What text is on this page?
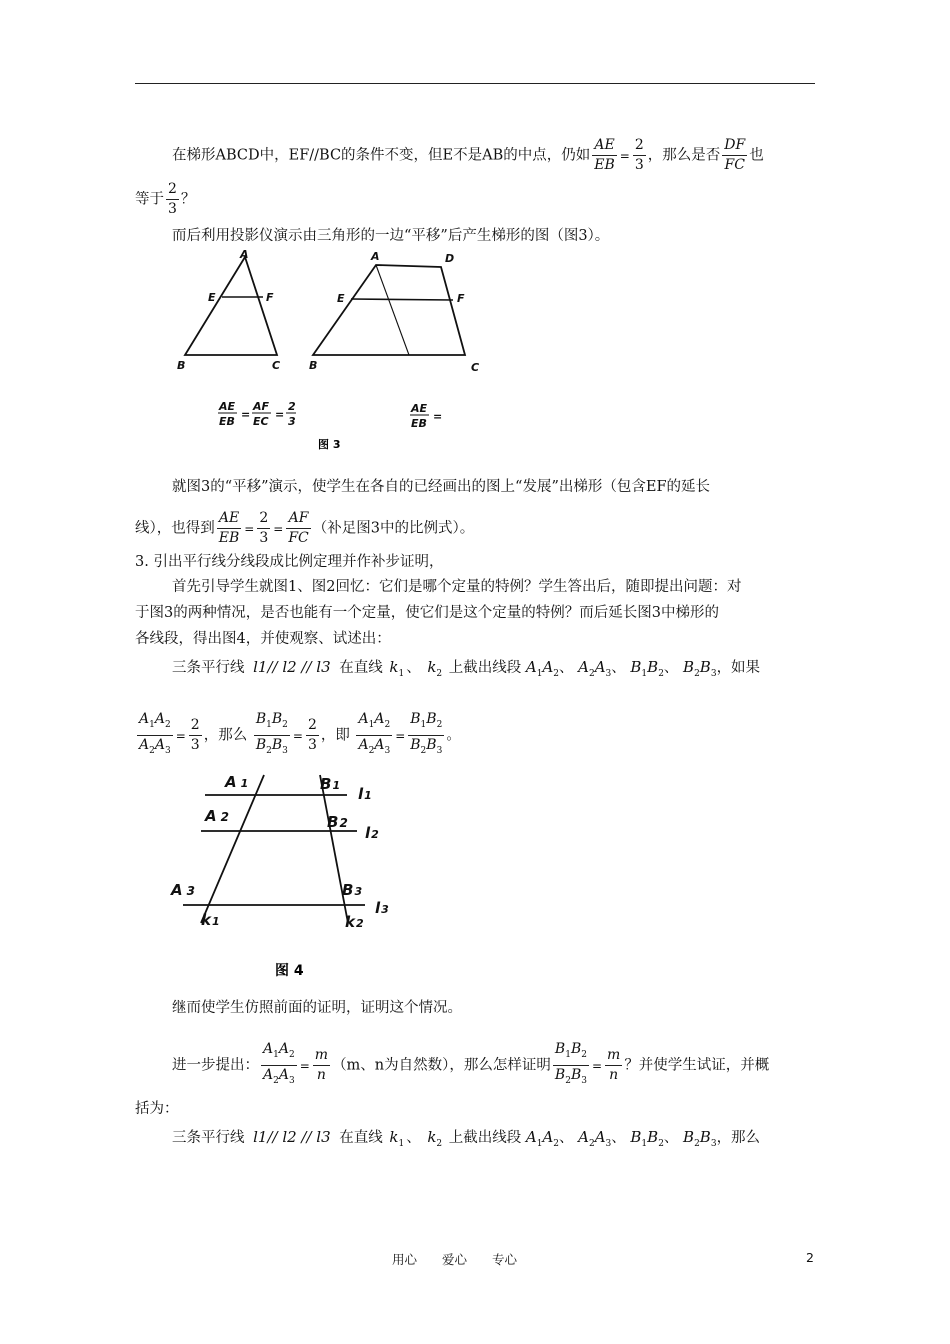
在梯形ABCD中，EF//BC的条件不变，但E不是AB的中点，仍如 $\frac{AE}{EB} = \frac{2}{3}$ ，那么是否 $\frac{DF}{FC}$ 也
等于 $\frac{2}{3}$ ？
而后利用投影仪演示由三角形的一边“平移”后产生梯形的图（图3）。
A
E	F
B	C
A	D
E	F
B	C
AE
EB
=
AF
EC
=
2
3
AE
EB
=
图 3
就图3的“平移”演示，使学生在各自的已经画出的图上“发展”出梯形（包含EF的延长
线），也得到 $\frac{AE}{EB} = \frac{2}{3} = \frac{AF}{FC}$ （补足图3中的比例式）。
3. 引出平行线分线段成比例定理并作补步证明，
首先引导学生就图1、图2回忆：它们是哪个定量的特例？学生答出后，随即提出问题：对
于图3的两种情况，是否也能有一个定量，使它们是这个定量的特例？而后延长图3中梯形的
各线段，得出图4，并使观察、试述出：
三条平行线 l1// l2 // l3 在直线 $k_1$ 、 $k_2$ 上截出线段 $A_1A_2$、 $A_2A_3$、 $B_1B_2$、 $B_2B_3$，如果
$\frac{A_1A_2}{A_2A_3} = \frac{2}{3}$ ，那么 $\frac{B_1B_2}{B_2B_3} = \frac{2}{3}$ ，即 $\frac{A_1A_2}{A_2A_3} = \frac{B_1B_2}{B_2B_3}$ 。
A 1
A 2
A 3
B1
B2
B3
l1
l2
l3
k1	k2
图 4
继而使学生仿照前面的证明，证明这个情况。
进一步提出： $\frac{A_1A_2}{A_2A_3} = \frac{m}{n} (m$、n为自然数），那么怎样证明 $\frac{B_1B_2}{B_2B_3} = \frac{m}{n}$ ？并使学生试证，并概
括为：
三条平行线 l1// l2 // l3 在直线 $k_1$ 、 $k_2$ 上截出线段 $A_1A_2$、 $A_2A_3$、 $B_1B_2$、 $B_2B_3$，那么
用心　　爱心　　专心	2
